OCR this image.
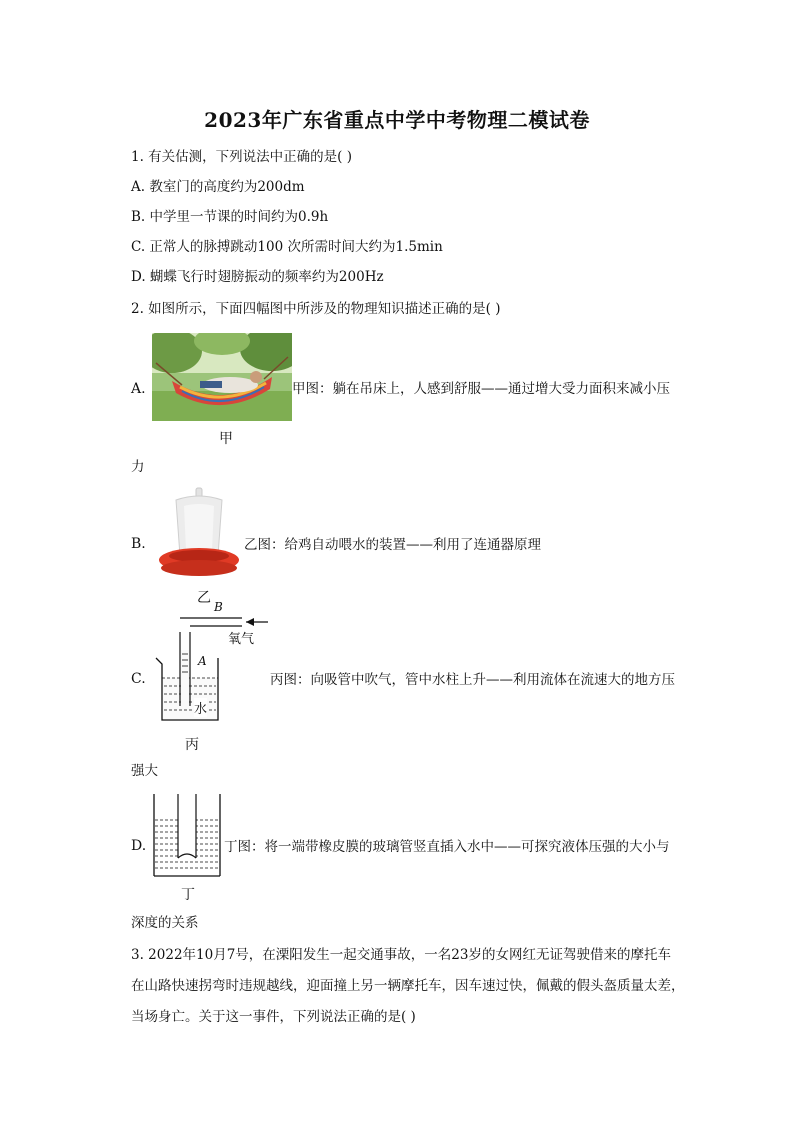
2023年广东省重点中学中考物理二模试卷
1. 有关估测，下列说法中正确的是( )
A. 教室门的高度约为200dm
B. 中学里一节课的时间约为0.9h
C. 正常人的脉搏跳动100 次所需时间大约为1.5min
D. 蝴蝶飞行时翅膀振动的频率约为200Hz
2. 如图所示，下面四幅图中所涉及的物理知识描述正确的是( )
A.
甲
甲图：躺在吊床上，人感到舒服——通过增大受力面积来减小压
力
B.
乙
乙图：给鸡自动喂水的装置——利用了连通器原理
C.
B
A
氧气
水
丙
丙图：向吸管中吹气，管中水柱上升——利用流体在流速大的地方压
强大
D.
丁
丁图：将一端带橡皮膜的玻璃管竖直插入水中——可探究液体压强的大小与
深度的关系
3. 2022年10月7号，在溧阳发生一起交通事故，一名23岁的女网红无证驾驶借来的摩托车
在山路快速拐弯时违规越线，迎面撞上另一辆摩托车，因车速过快，佩戴的假头盔质量太差，
当场身亡。关于这一事件，下列说法正确的是( )
